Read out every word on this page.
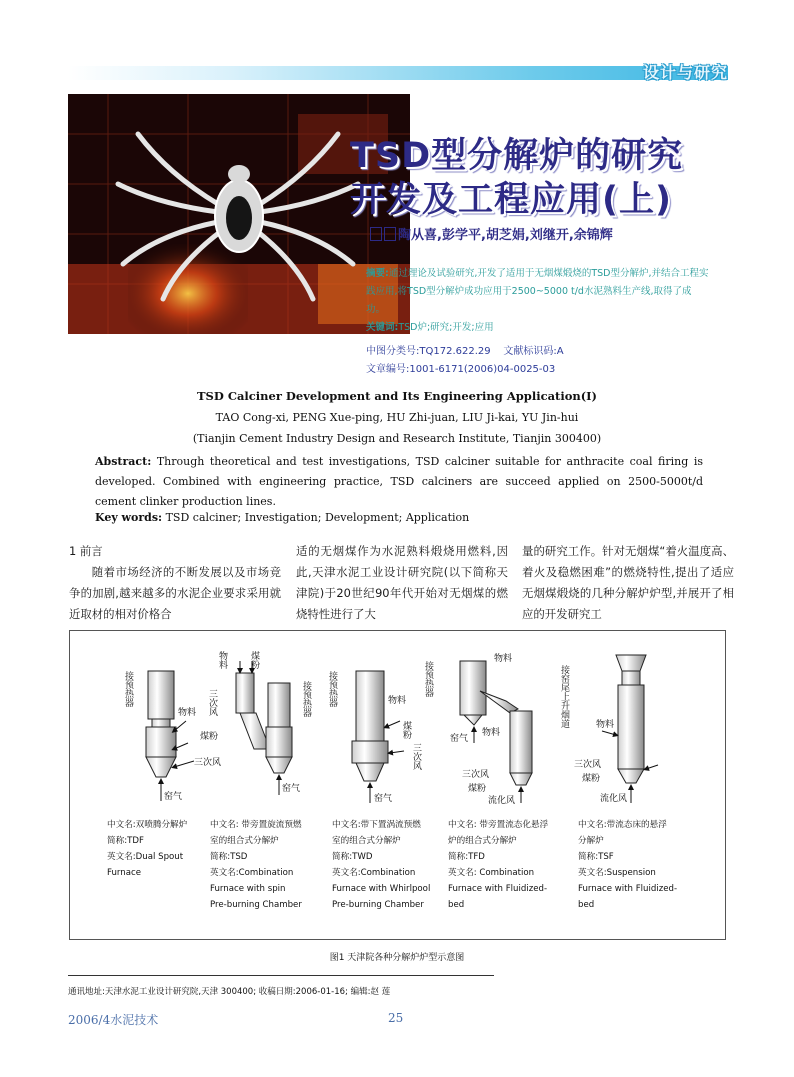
设计与研究
TSD型分解炉的研究
开发及工程应用(上)
陶从喜,彭学平,胡芝娟,刘继开,余锦辉
摘要:通过理论及试验研究,开发了适用于无烟煤煅烧的TSD型分解炉,并结合工程实践应用,将TSD型分解炉成功应用于2500~5000 t/d水泥熟料生产线,取得了成功。
关键词:TSD炉;研究;开发;应用
中图分类号:TQ172.622.29 文献标识码:A
文章编号:1001-6171(2006)04-0025-03
TSD Calciner Development and Its Engineering Application(Ⅰ)
TAO Cong-xi, PENG Xue-ping, HU Zhi-juan, LIU Ji-kai, YU Jin-hui
(Tianjin Cement Industry Design and Research Institute, Tianjin 300400)
Abstract: Through theoretical and test investigations, TSD calciner suitable for anthracite coal firing is developed. Combined with engineering practice, TSD calciners are succeed applied on 2500-5000t/d cement clinker production lines.
Key words: TSD calciner; Investigation; Development; Application

1 前言

随着市场经济的不断发展以及市场竞争的加剧,越来越多的水泥企业要求采用就近取材的相对价格合

适的无烟煤作为水泥熟料煅烧用燃料,因此,天津水泥工业设计研究院(以下简称天津院)于20世纪90年代开始对无烟煤的燃烧特性进行了大

量的研究工作。针对无烟煤“着火温度高、着火及稳燃困难”的燃烧特性,提出了适应无烟煤煅烧的几种分解炉炉型,并展开了相应的开发研究工

接预热器
物料
煤粉
三次风
窑气
物料 煤粉
三次风	接预热器
窑气
接预热器	物料
煤粉
三次风
窑气
接预热器
物料
物料
窑气
三次风
煤粉
流化风
接窑尾上升烟道	物料
三次风
煤粉
流化风
中文名:双喷腾分解炉
简称:TDF
英文名:Dual Spout
Furnace
中文名: 带旁置旋流预燃
室的组合式分解炉
简称:TSD
英文名:Combination
Furnace with spin
Pre-burning Chamber
中文名:带下置涡流预燃
室的组合式分解炉
简称:TWD
英文名:Combination
Furnace with Whirlpool
Pre-burning Chamber
中文名: 带旁置流态化悬浮
炉的组合式分解炉
简称:TFD
英文名: Combination
Furnace with Fluidized-
bed
中文名:带流态床的悬浮
分解炉
简称:TSF
英文名:Suspension
Furnace with Fluidized-
bed
图1 天津院各种分解炉炉型示意图
通讯地址:天津水泥工业设计研究院,天津 300400; 收稿日期:2006-01-16; 编辑:赵 莲
2006/4水泥技术	25
